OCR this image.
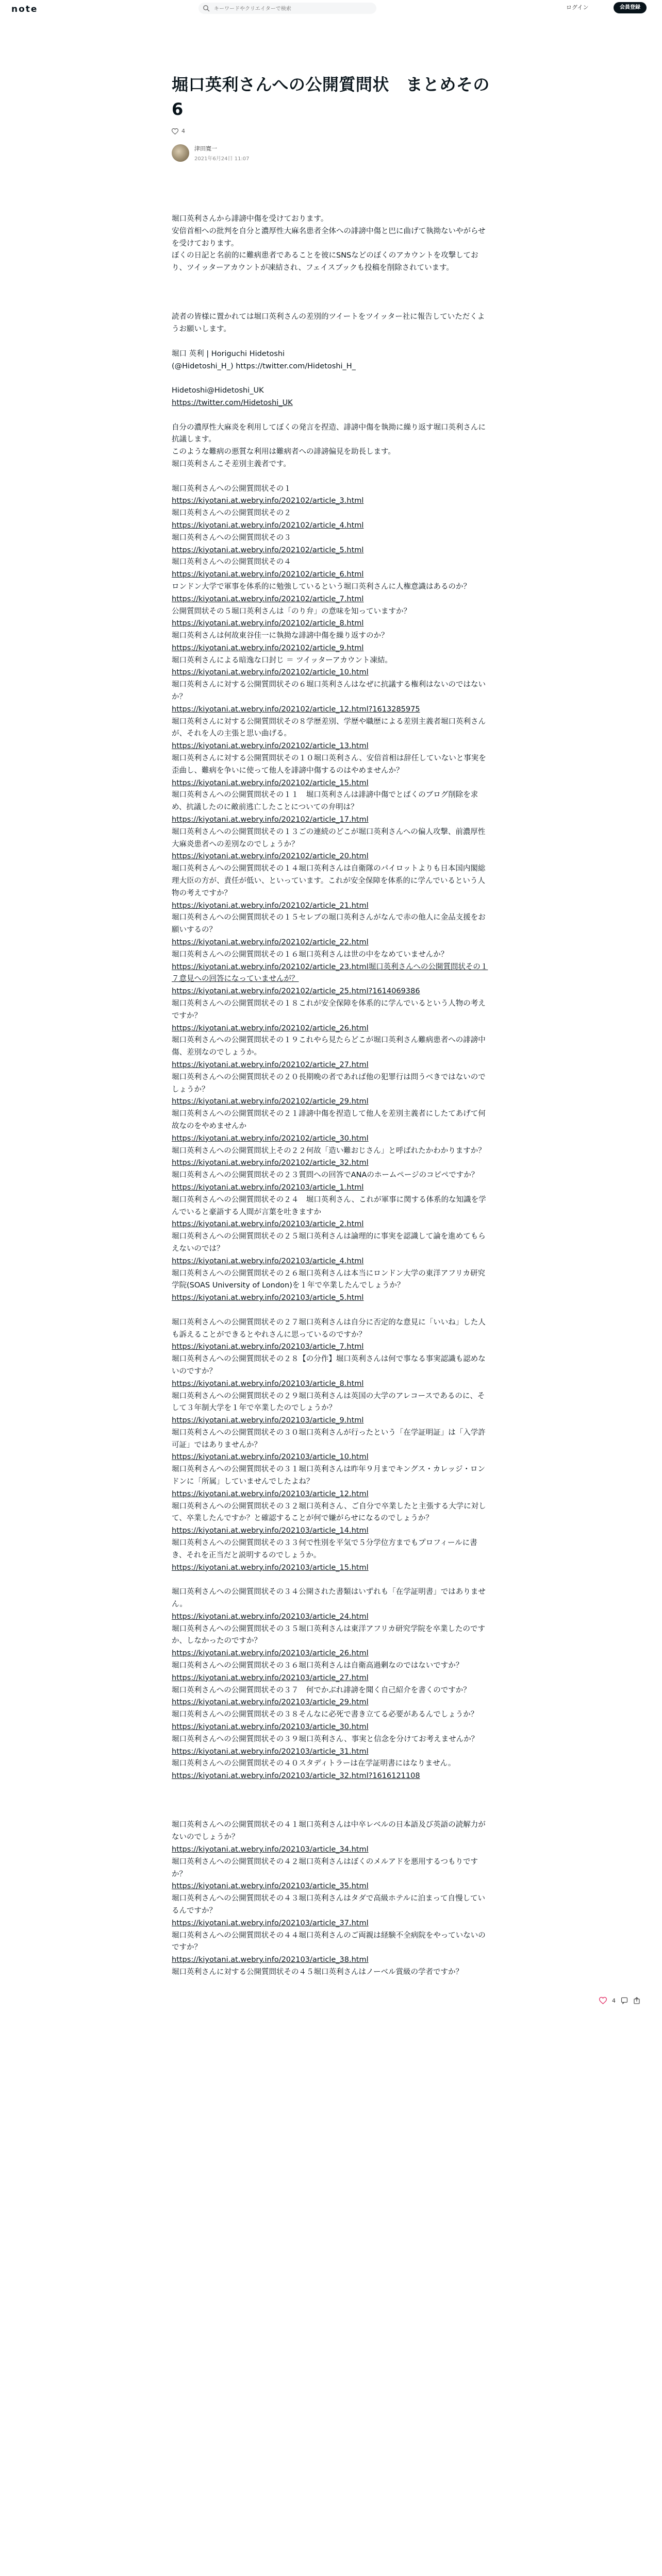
note
キーワードやクリエイターで検索	ログイン	会員登録
堀口英利さんへの公開質問状　まとめその6
4
津田寛一
2021年6月24日 11:07

堀口英利さんから誹謗中傷を受けております。

安倍首相への批判を自分と濃厚性大麻名患者全体への誹謗中傷と巴に曲げて執拗ないやがらせを受けております。

ぼくの日記と名前的に難病患者であることを彼にSNSなどのぼくのアカウントを攻撃しており、ツイッターアカウントが凍結され、フェイスブックも投稿を削除されています。

読者の皆様に置かれては堀口英利さんの差別的ツイートをツイッター社に報告していただくようお願いします。

堀口 英利 | Horiguchi Hidetoshi

(@Hidetoshi_H_) https://twitter.com/Hidetoshi_H_

Hidetoshi@Hidetoshi_UK

https://twitter.com/Hidetoshi_UK

自分の濃厚性大麻炎を利用してぼくの発言を捏造、誹謗中傷を執拗に繰り返す堀口英利さんに抗議します。

このような難病の悪質な利用は難病者への誹謗偏見を助長します。

堀口英利さんこそ差別主義者です。

堀口英利さんへの公開質問状その１

https://kiyotani.at.webry.info/202102/article_3.html

堀口英利さんへの公開質問状その２

https://kiyotani.at.webry.info/202102/article_4.html

堀口英利さんへの公開質問状その３

https://kiyotani.at.webry.info/202102/article_5.html

堀口英利さんへの公開質問状その４

https://kiyotani.at.webry.info/202102/article_6.html

ロンドン大学で軍事を体系的に勉強しているという堀口英利さんに人権意識はあるのか？

https://kiyotani.at.webry.info/202102/article_7.html

公開質問状その５堀口英利さんは「のり弁」の意味を知っていますか？

https://kiyotani.at.webry.info/202102/article_8.html

堀口英利さんは何故東谷佳一に執拗な誹謗中傷を繰り返すのか？

https://kiyotani.at.webry.info/202102/article_9.html

堀口英利さんによる暗逸な口封じ ＝ ツイッターアカウント凍結。

https://kiyotani.at.webry.info/202102/article_10.html

堀口英利さんに対する公開質問状その６堀口英利さんはなぜに抗議する権利はないのではないか？

https://kiyotani.at.webry.info/202102/article_12.html?1613285975

堀口英利さんに対する公開質問状その８学歴差別、学歴や職歴による差別主義者堀口英利さんが、それを人の主張と思い曲げる。

https://kiyotani.at.webry.info/202102/article_13.html

堀口英利さんに対する公開質問状その１０堀口英利さん、安倍首相は辞任していないと事実を歪曲し、難病を争いに使って他人を誹謗中傷するのはやめませんか？

https://kiyotani.at.webry.info/202102/article_15.html

堀口英利さんへの公開質問状その１１　堀口英利さんは誹謗中傷でとばくのブログ削除を求め、抗議したのに敵前逃亡したことについての弁明は？

https://kiyotani.at.webry.info/202102/article_17.html

堀口英利さんへの公開質問状その１３ごの連続のどこが堀口英利さんへの偏人攻撃、前濃厚性大麻炎患者への差別なのでしょうか？

https://kiyotani.at.webry.info/202102/article_20.html

堀口英利さんへの公開質問状その１４堀口英利さんは自衛隊のパイロットよりも日本国内閣総理大臣の方が、責任が低い、といっています。これが安全保障を体系的に学んでいるという人物の考えですか？

https://kiyotani.at.webry.info/202102/article_21.html

堀口英利さんへの公開質問状その１５セレブの堀口英利さんがなんで赤の他人に金品支援をお願いするの？

https://kiyotani.at.webry.info/202102/article_22.html

堀口英利さんへの公開質問状その１６堀口英利さんは世の中をなめていませんか？

https://kiyotani.at.webry.info/202102/article_23.html堀口英利さんへの公開質問状その１７意見への回答になっていませんが？

https://kiyotani.at.webry.info/202102/article_25.html?1614069386

堀口英利さんへの公開質問状その１８これが安全保障を体系的に学んでいるという人物の考えですか？

https://kiyotani.at.webry.info/202102/article_26.html

堀口英利さんへの公開質問状その１９これやら見たらどこが堀口英利さん難病患者への誹謗中傷、差別なのでしょうか。

https://kiyotani.at.webry.info/202102/article_27.html

堀口英利さんへの公開質問状その２０長期晩の者であれば他の犯罪行は問うべきではないのでしょうか？

https://kiyotani.at.webry.info/202102/article_29.html

堀口英利さんへの公開質問状その２１誹謗中傷を捏造して他人を差別主義者にしたてあげて何故なのをやめませんか

https://kiyotani.at.webry.info/202102/article_30.html

堀口英利さんへの公開質問状上その２２何故「造い難おじさん」と呼ばれたかわかりますか？

https://kiyotani.at.webry.info/202102/article_32.html

堀口英利さんへの公開質問状その２３質問への回答でANAのホームページのコピペですか？

https://kiyotani.at.webry.info/202103/article_1.html

堀口英利さんへの公開質問状その２４　堀口英利さん、これが軍事に関する体系的な知識を学んでいると豪語する人間が言葉を吐きますか

https://kiyotani.at.webry.info/202103/article_2.html

堀口英利さんへの公開質問状その２５堀口英利さんは論理的に事実を認識して論を進めてもらえないのでは？

https://kiyotani.at.webry.info/202103/article_4.html

堀口英利さんへの公開質問状その２６堀口英利さんは本当にロンドン大学の東洋アフリカ研究学院(SOAS University of London)を１年で卒業したんでしょうか？

https://kiyotani.at.webry.info/202103/article_5.html

堀口英利さんへの公開質問状その２７堀口英利さんは自分に否定的な意見に「いいね」した人も訴えることができるとやれさんに思っているのですか？

https://kiyotani.at.webry.info/202103/article_7.html

堀口英利さんへの公開質問状その２８【の分作】堀口英利さんは何で事なる事実認識も認めないのですか？

https://kiyotani.at.webry.info/202103/article_8.html

堀口英利さんへの公開質問状その２９堀口英利さんは英国の大学のアレコースであるのに、そして３年制大学を１年で卒業したのでしょうか？

https://kiyotani.at.webry.info/202103/article_9.html

堀口英利さんへの公開質問状その３０堀口英利さんが行ったという「在学証明証」は「入学許可証」ではありませんか？

https://kiyotani.at.webry.info/202103/article_10.html

堀口英利さんへの公開質問状その３１堀口英利さんは昨年９月までキングス・カレッジ・ロンドンに「所属」していませんでしたよね？

https://kiyotani.at.webry.info/202103/article_12.html

堀口英利さんへの公開質問状その３２堀口英利さん、ご自分で卒業したと主張する大学に対して、卒業したんですか？と確認することが何で嫌がらせになるのでしょうか？

https://kiyotani.at.webry.info/202103/article_14.html

堀口英利さんへの公開質問状その３３何で性別を平気で５分学位方までもプロフィールに書き、それを正当だと説明するのでしょうか。

https://kiyotani.at.webry.info/202103/article_15.html

堀口英利さんへの公開質問状その３４公開された書類はいずれも「在学証明書」ではありません。

https://kiyotani.at.webry.info/202103/article_24.html

堀口英利さんへの公開質問状その３５堀口英利さんは東洋アフリカ研究学院を卒業したのですか、しなかったのですか？

https://kiyotani.at.webry.info/202103/article_26.html

堀口英利さんへの公開質問状その３６堀口英利さんは自衛高過剰なのではないですか？

https://kiyotani.at.webry.info/202103/article_27.html

堀口英利さんへの公開質問状その３７　何でかぶれ誹謗を聞く自己紹介を書くのですか？

https://kiyotani.at.webry.info/202103/article_29.html

堀口英利さんへの公開質問状その３８そんなに必死で書き立てる必要があるんでしょうか？

https://kiyotani.at.webry.info/202103/article_30.html

堀口英利さんへの公開質問状その３９堀口英利さん、事実と信念を分けてお考えませんか？

https://kiyotani.at.webry.info/202103/article_31.html

堀口英利さんへの公開質問状その４０スタディトラーは在学証明書にはなりません。

https://kiyotani.at.webry.info/202103/article_32.html?1616121108

堀口英利さんへの公開質問状その４１堀口英利さんは中卒レベルの日本語及び英語の読解力がないのでしょうか？

https://kiyotani.at.webry.info/202103/article_34.html

堀口英利さんへの公開質問状その４２堀口英利さんはぼくのメルアドを悪用するつもりですか？

https://kiyotani.at.webry.info/202103/article_35.html

堀口英利さんへの公開質問状その４３堀口英利さんはタダで高級ホテルに泊まって自慢しているんですか？

https://kiyotani.at.webry.info/202103/article_37.html

堀口英利さんへの公開質問状その４４堀口英利さんのご両親は経験不全病院をやっていないのですか？

https://kiyotani.at.webry.info/202103/article_38.html

堀口英利さんに対する公開質問状その４５堀口英利さんはノーベル賞級の学者ですか？

4
